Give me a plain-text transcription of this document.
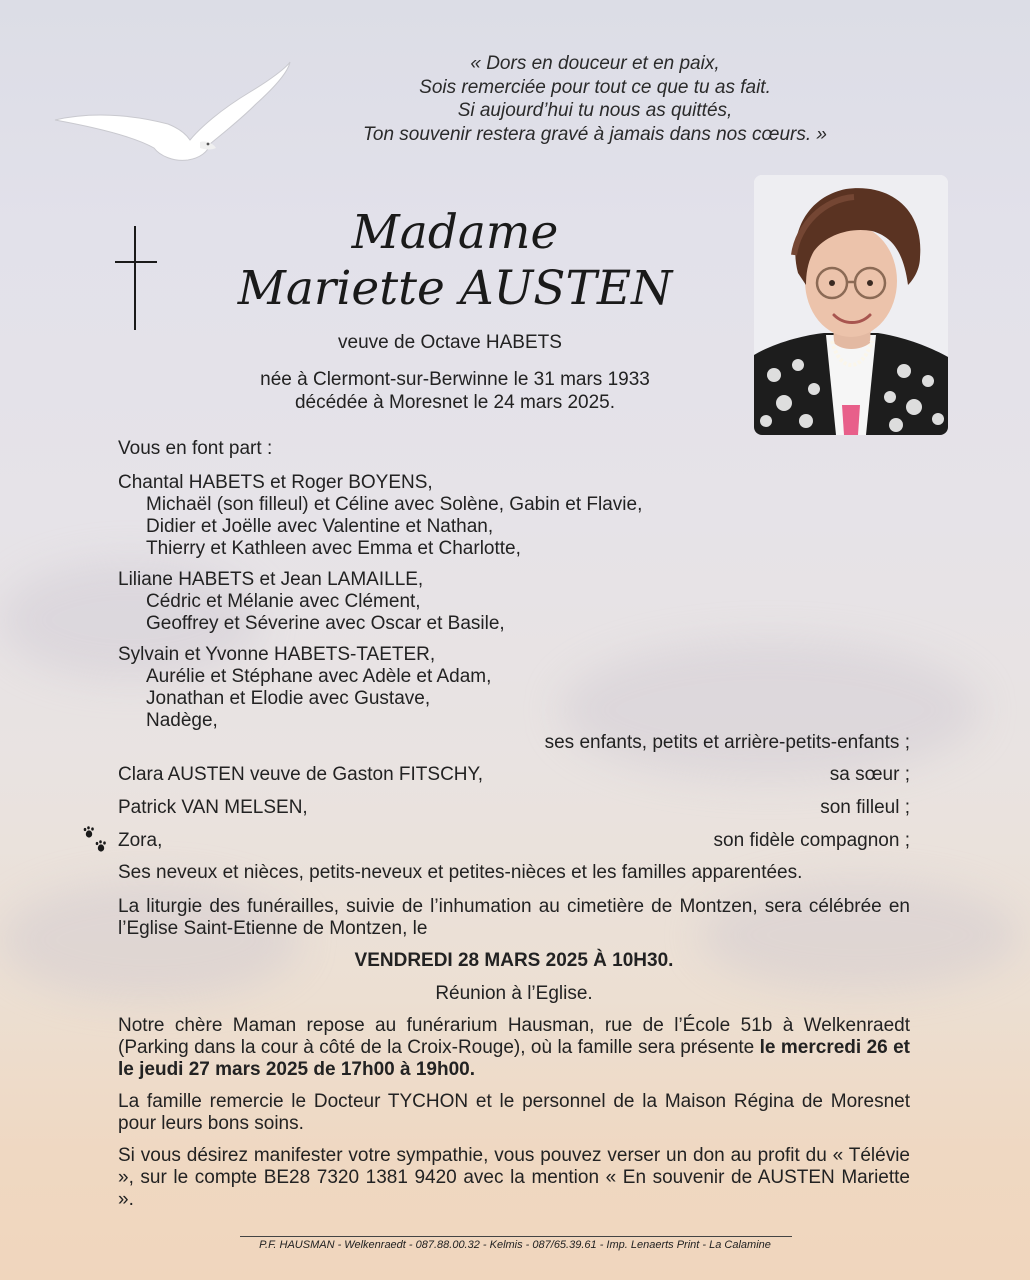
« Dors en douceur et en paix,
Sois remerciée pour tout ce que tu as fait.
Si aujourd’hui tu nous as quittés,
Ton souvenir restera gravé à jamais dans nos cœurs. »
Madame
Mariette AUSTEN
veuve de Octave HABETS
née à Clermont-sur-Berwinne le 31 mars 1933
décédée à Moresnet le 24 mars 2025.
Vous en font part :
Chantal HABETS et Roger BOYENS,
Michaël (son filleul) et Céline avec Solène, Gabin et Flavie,
Didier et Joëlle avec Valentine et Nathan,
Thierry et Kathleen avec Emma et Charlotte,
Liliane HABETS et Jean LAMAILLE,
Cédric et Mélanie avec Clément,
Geoffrey et Séverine avec Oscar et Basile,
Sylvain et Yvonne HABETS-TAETER,
Aurélie et Stéphane avec Adèle et Adam,
Jonathan et Elodie avec Gustave,
Nadège,
ses enfants, petits et arrière-petits-enfants ;
Clara AUSTEN veuve de Gaston FITSCHY,	sa sœur ;
Patrick VAN MELSEN,	son filleul ;
Zora,	son fidèle compagnon ;
Ses neveux et nièces, petits-neveux et petites-nièces et les familles apparentées.
La liturgie des funérailles, suivie de l’inhumation au cimetière de Montzen, sera célébrée en l’Eglise Saint-Etienne de Montzen, le
VENDREDI 28 MARS 2025 À 10H30.
Réunion à l’Eglise.
Notre chère Maman repose au funérarium Hausman, rue de l’École 51b à Welkenraedt (Parking dans la cour à côté de la Croix-Rouge), où la famille sera présente le mercredi 26 et le jeudi 27 mars 2025 de 17h00 à 19h00.
La famille remercie le Docteur TYCHON et le personnel de la Maison Régina de Moresnet pour leurs bons soins.
Si vous désirez manifester votre sympathie, vous pouvez verser un don au profit du « Télévie », sur le compte BE28 7320 1381 9420 avec la mention « En souvenir de AUSTEN Mariette ».
P.F. HAUSMAN - Welkenraedt - 087.88.00.32 - Kelmis - 087/65.39.61 - Imp. Lenaerts Print - La Calamine
